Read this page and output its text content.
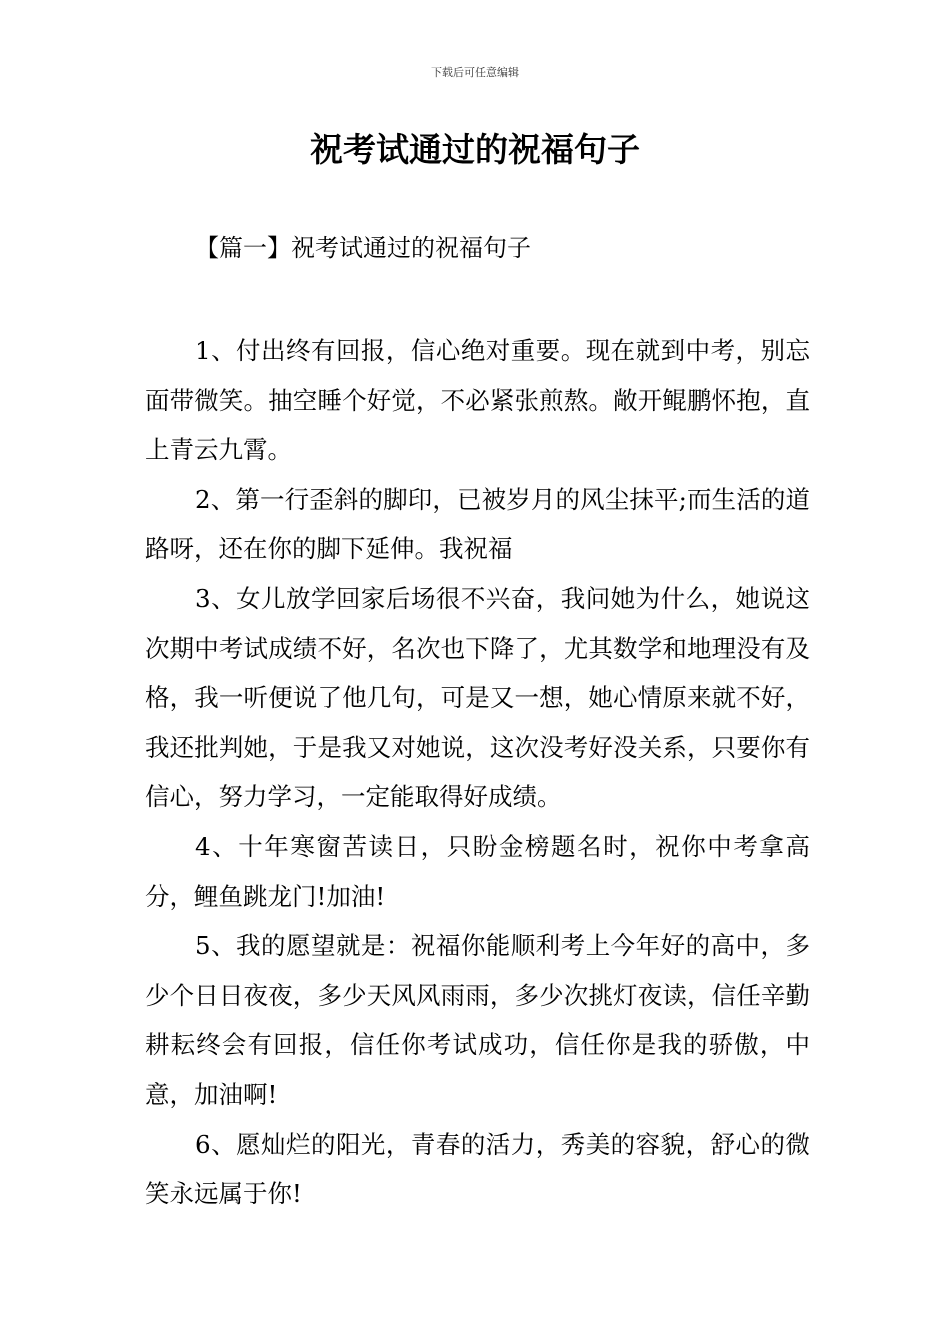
下载后可任意编辑
祝考试通过的祝福句子
【篇一】祝考试通过的祝福句子

1、付出终有回报，信心绝对重要。现在就到中考，别忘面带微笑。抽空睡个好觉，不必紧张煎熬。敞开鲲鹏怀抱，直上青云九霄。

2、第一行歪斜的脚印，已被岁月的风尘抹平;而生活的道路呀，还在你的脚下延伸。我祝福

3、女儿放学回家后场很不兴奋，我问她为什么，她说这次期中考试成绩不好，名次也下降了，尤其数学和地理没有及格，我一听便说了他几句，可是又一想，她心情原来就不好，我还批判她，于是我又对她说，这次没考好没关系，只要你有信心，努力学习，一定能取得好成绩。

4、十年寒窗苦读日，只盼金榜题名时，祝你中考拿高分，鲤鱼跳龙门!加油!

5、我的愿望就是：祝福你能顺利考上今年好的高中，多少个日日夜夜，多少天风风雨雨，多少次挑灯夜读，信任辛勤耕耘终会有回报，信任你考试成功，信任你是我的骄傲，中意，加油啊!

6、愿灿烂的阳光，青春的活力，秀美的容貌，舒心的微笑永远属于你!
